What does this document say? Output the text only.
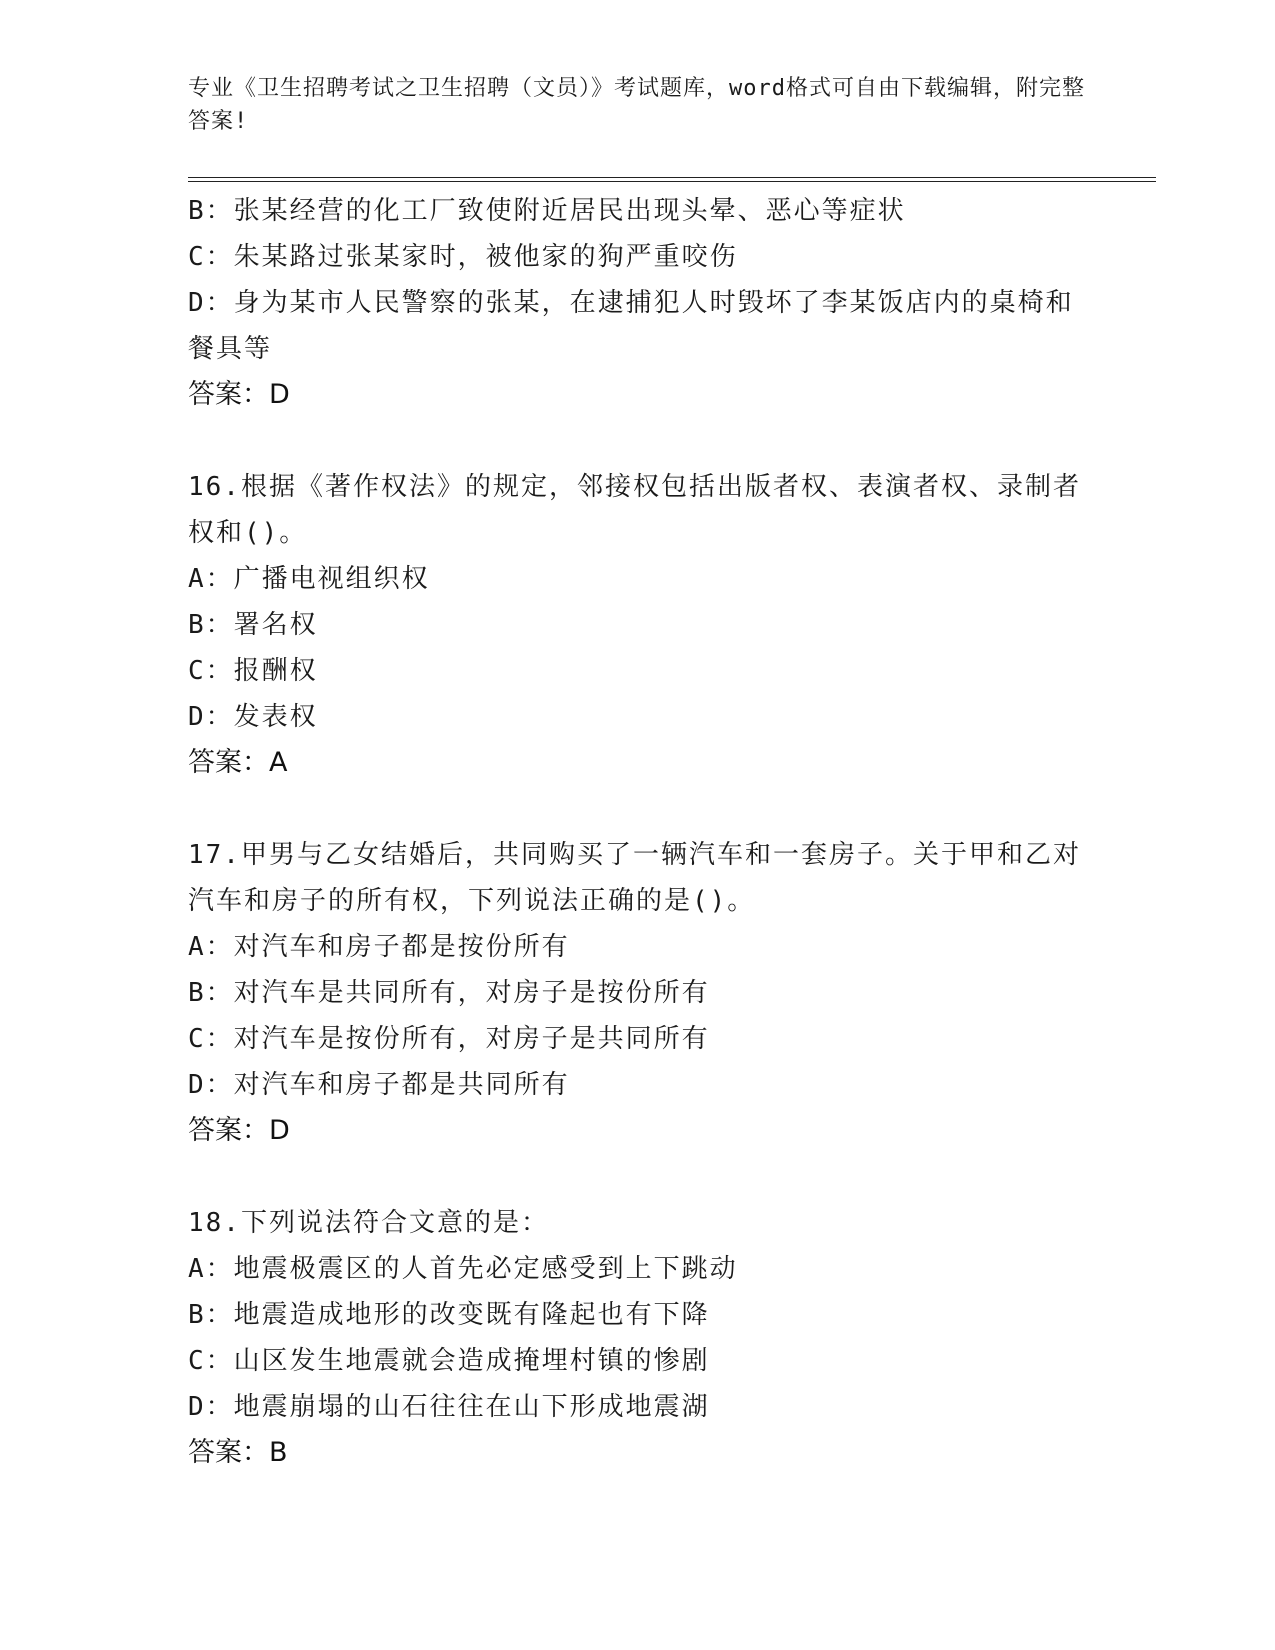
专业《卫生招聘考试之卫生招聘（文员）》考试题库，word格式可自由下载编辑，附完整答案!
B：张某经营的化工厂致使附近居民出现头晕、恶心等症状
C：朱某路过张某家时，被他家的狗严重咬伤
D：身为某市人民警察的张某，在逮捕犯人时毁坏了李某饭店内的桌椅和餐具等
答案：D
16.根据《著作权法》的规定，邻接权包括出版者权、表演者权、录制者权和()。
A：广播电视组织权
B：署名权
C：报酬权
D：发表权
答案：A
17.甲男与乙女结婚后，共同购买了一辆汽车和一套房子。关于甲和乙对汽车和房子的所有权，下列说法正确的是()。
A：对汽车和房子都是按份所有
B：对汽车是共同所有，对房子是按份所有
C：对汽车是按份所有，对房子是共同所有
D：对汽车和房子都是共同所有
答案：D
18.下列说法符合文意的是：
A：地震极震区的人首先必定感受到上下跳动
B：地震造成地形的改变既有隆起也有下降
C：山区发生地震就会造成掩埋村镇的惨剧
D：地震崩塌的山石往往在山下形成地震湖
答案：B
